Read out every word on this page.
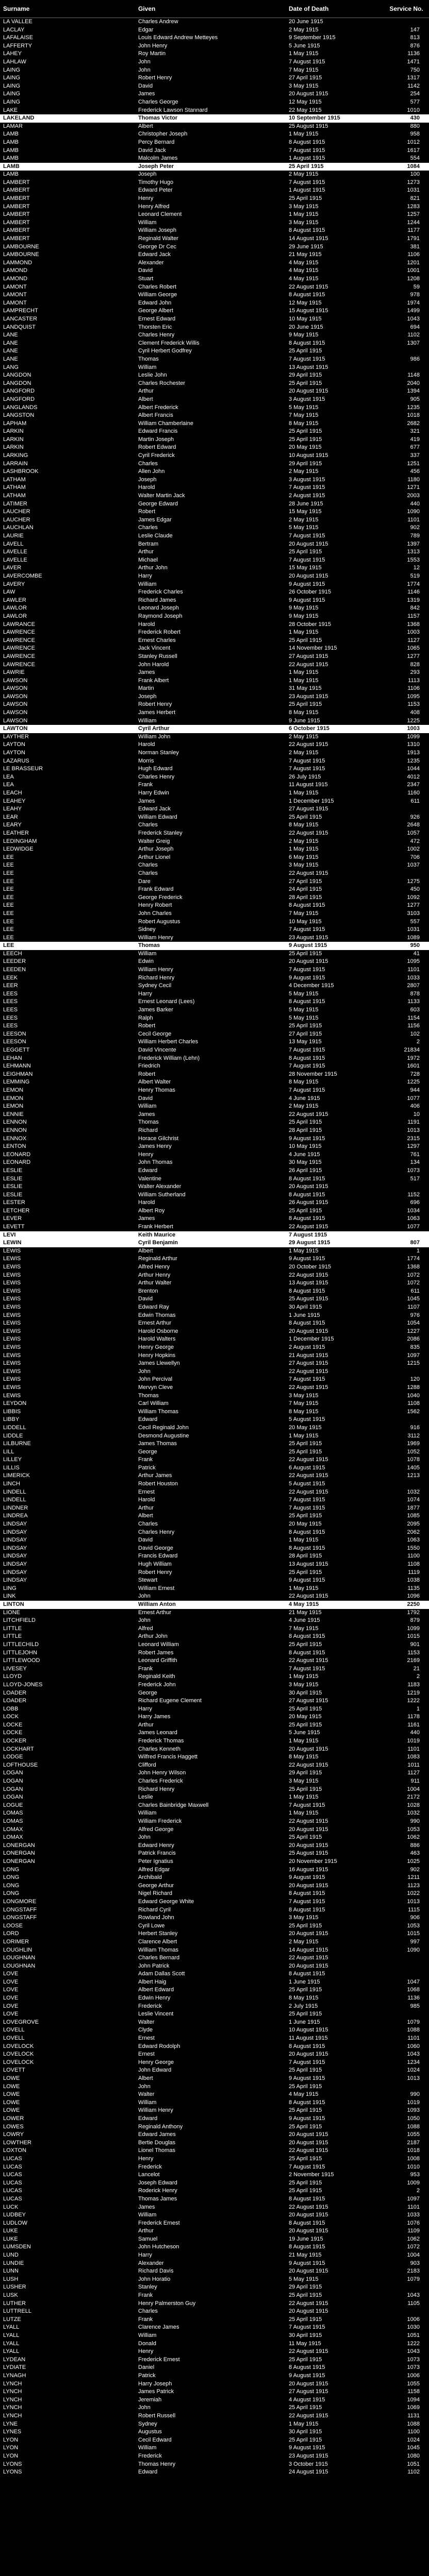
Surname	Given	Date of Death	Service No.
LA VALLEE	Charles Andrew	20 June 1915	
LACLAY	Edgar	2 May 1915	147
LAFALAISE	Louis Edward Andrew Metteyes	9 September 1915	813
LAFFERTY	John Henry	5 June 1915	876
LAHEY	Roy Martin	1 May 1915	1136
LAHLAW	John	7 August 1915	1471
LAING	John	7 May 1915	750
LAING	Robert Henry	27 April 1915	1317
LAING	David	3 May 1915	1142
LAING	James	20 August 1915	254
LAING	Charles George	12 May 1915	577
LAKE	Frederick Lawson Stannard	22 May 1915	1010
LAKELAND	Thomas Victor	10 September 1915	430
LAMAR	Albert	25 August 1915	880
LAMB	Christopher Joseph	1 May 1915	958
LAMB	Percy Bernard	8 August 1915	1012
LAMB	David Jack	7 August 1915	1617
LAMB	Malcolm James	1 August 1915	554
LAMB	Joseph Peter	25 April 1915	1084
LAMB	Joseph	2 May 1915	100
LAMBERT	Timothy Hugo	7 August 1915	1273
LAMBERT	Edward Peter	1 August 1915	1031
LAMBERT	Henry	25 April 1915	821
LAMBERT	Henry Alfred	3 May 1915	1283
LAMBERT	Leonard Clement	1 May 1915	1257
LAMBERT	William	3 May 1915	1244
LAMBERT	William Joseph	8 August 1915	1177
LAMBERT	Reginald Walter	14 August 1915	1791
LAMBOURNE	George Dr Cec	29 June 1915	381
LAMBOURNE	Edward Jack	21 May 1915	1106
LAMMOND	Alexander	4 May 1915	1201
LAMOND	David	4 May 1915	1001
LAMOND	Stuart	4 May 1915	1208
LAMONT	Charles Robert	22 August 1915	59
LAMONT	William George	8 August 1915	978
LAMONT	Edward John	12 May 1915	1974
LAMPRECHT	George Albert	15 August 1915	1499
LANCASTER	Ernest Edward	10 May 1915	1043
LANDQUIST	Thorsten Eric	20 June 1915	694
LANE	Charles Henry	9 May 1915	1102
LANE	Clement Frederick Willis	8 August 1915	1307
LANE	Cyril Herbert Godfrey	25 April 1915	
LANE	Thomas	7 August 1915	986
LANG	William	13 August 1915	
LANGDON	Leslie John	29 April 1915	1148
LANGDON	Charles Rochester	25 April 1915	2040
LANGFORD	Arthur	20 August 1915	1394
LANGFORD	Albert	3 August 1915	905
LANGLANDS	Albert Frederick	5 May 1915	1235
LANGSTON	Albert Francis	7 May 1915	1018
LAPHAM	William Chamberlaine	8 May 1915	2682
LARKIN	Edward Francis	25 April 1915	321
LARKIN	Martin Joseph	25 April 1915	419
LARKIN	Robert Edward	20 May 1915	677
LARKING	Cyril Frederick	10 August 1915	337
LARRAIN	Charles	29 April 1915	1251
LASHBROOK	Allen John	2 May 1915	456
LATHAM	Joseph	3 August 1915	1180
LATHAM	Harold	7 August 1915	1271
LATHAM	Walter Martin Jack	2 August 1915	2003
LATIMER	George Edward	28 June 1915	440
LAUCHER	Robert	15 May 1915	1090
LAUCHER	James Edgar	2 May 1915	1101
LAUCHLAN	Charles	5 May 1915	902
LAURIE	Leslie Claude	7 August 1915	789
LAVELL	Bertram	20 August 1915	1397
LAVELLE	Arthur	25 April 1915	1313
LAVELLE	Michael	7 August 1915	1553
LAVER	Arthur John	15 May 1915	12
LAVERCOMBE	Harry	20 August 1915	519
LAVERY	William	9 August 1915	1774
LAW	Frederick Charles	26 October 1915	1146
LAWLER	Richard James	9 August 1915	1319
LAWLOR	Leonard Joseph	9 May 1915	842
LAWLOR	Raymond Joseph	9 May 1915	1157
LAWRANCE	Harold	28 October 1915	1368
LAWRENCE	Frederick Robert	1 May 1915	1003
LAWRENCE	Ernest Charles	25 April 1915	1127
LAWRENCE	Jack Vincent	14 November 1915	1065
LAWRENCE	Stanley Russell	27 August 1915	1277
LAWRENCE	John Harold	22 August 1915	828
LAWRIE	James	1 May 1915	293
LAWSON	Frank Albert	1 May 1915	1113
LAWSON	Martin	31 May 1915	1106
LAWSON	Joseph	23 August 1915	1095
LAWSON	Robert Henry	25 April 1915	1153
LAWSON	James Herbert	8 May 1915	408
LAWSON	William	9 June 1915	1225
LAWTON	Cyril Arthur	6 October 1915	1003
LAYTHER	William John	2 May 1915	1099
LAYTON	Harold	22 August 1915	1310
LAYTON	Norman Stanley	2 May 1915	1913
LAZARUS	Morris	7 August 1915	1235
LE BRASSEUR	Hugh Edward	7 August 1915	1044
LEA	Charles Henry	26 July 1915	4012
LEA	Frank	11 August 1915	2347
LEACH	Harry Edwin	1 May 1915	1160
LEAHEY	James	1 December 1915	611
LEAHY	Edward Jack	27 August 1915	
LEAR	William Edward	25 April 1915	926
LEARY	Charles	8 May 1915	2648
LEATHER	Frederick Stanley	22 August 1915	1057
LEDINGHAM	Walter Greig	2 May 1915	472
LEDWIDGE	Arthur Joseph	1 May 1915	1002
LEE	Arthur Lionel	6 May 1915	706
LEE	Charles	3 May 1915	1037
LEE	Charles	22 August 1915	
LEE	Dare	27 April 1915	1275
LEE	Frank Edward	24 April 1915	450
LEE	George Frederick	28 April 1915	1092
LEE	Henry Robert	8 August 1915	1277
LEE	John Charles	7 May 1915	3103
LEE	Robert Augustus	10 May 1915	557
LEE	Sidney	7 August 1915	1031
LEE	William Henry	23 August 1915	1089
LEE	Thomas	9 August 1915	950
LEECH	William	25 April 1915	41
LEEDER	Edwin	20 August 1915	1095
LEEDEN	William Henry	7 August 1915	1101
LEEK	Richard Henry	9 August 1915	1033
LEER	Sydney Cecil	4 December 1915	2807
LEES	Harry	5 May 1915	878
LEES	Ernest Leonard (Lees)	8 August 1915	1133
LEES	James Barker	5 May 1915	603
LEES	Ralph	5 May 1915	1154
LEES	Robert	25 April 1915	1156
LEESON	Cecil George	27 April 1915	102
LEESON	William Herbert Charles	13 May 1915	2
LEGGETT	David Vincente	7 August 1915	21834
LEHAN	Frederick William (Lehn)	8 August 1915	1972
LEHMANN	Friedrich	7 August 1915	1601
LEIGHMAN	Robert	28 November 1915	728
LEMMING	Albert Walter	8 May 1915	1225
LEMON	Henry Thomas	7 August 1915	944
LEMON	David	4 June 1915	1077
LEMON	William	2 May 1915	406
LENNIE	James	22 August 1915	10
LENNON	Thomas	25 April 1915	1191
LENNON	Richard	28 April 1915	1013
LENNOX	Horace Gilchrist	9 August 1915	2315
LENTON	James Henry	10 May 1915	1297
LEONARD	Henry	4 June 1915	761
LEONARD	John Thomas	30 May 1915	134
LESLIE	Edward	26 April 1915	1073
LESLIE	Valentine	8 August 1915	517
LESLIE	Walter Alexander	20 August 1915	
LESLIE	William Sutherland	8 August 1915	1152
LESTER	Harold	26 August 1915	696
LETCHER	Albert Roy	25 April 1915	1034
LEVER	James	8 August 1915	1063
LEVETT	Frank Herbert	22 August 1915	1077
LEVI	Keith Maurice	7 August 1915	
LEWIN	Cyril Benjamin	29 August 1915	807
LEWIS	Albert	1 May 1915	1
LEWIS	Reginald Arthur	9 August 1915	1774
LEWIS	Alfred Henry	20 October 1915	1368
LEWIS	Arthur Henry	22 August 1915	1072
LEWIS	Arthur Walter	13 August 1915	1072
LEWIS	Brenton	8 August 1915	611
LEWIS	David	25 August 1915	1045
LEWIS	Edward Ray	30 April 1915	1107
LEWIS	Edwin Thomas	1 June 1915	976
LEWIS	Ernest Arthur	8 August 1915	1054
LEWIS	Harold Osborne	20 August 1915	1227
LEWIS	Harold Walters	1 December 1915	2086
LEWIS	Henry George	2 August 1915	835
LEWIS	Henry Hopkins	21 August 1915	1097
LEWIS	James Llewellyn	27 August 1915	1215
LEWIS	John	22 August 1915	
LEWIS	John Percival	7 August 1915	120
LEWIS	Mervyn Cleve	22 August 1915	1288
LEWIS	Thomas	3 May 1915	1040
LEYDON	Carl William	7 May 1915	1108
LIBBIS	William Thomas	8 May 1915	1562
LIBBY	Edward	5 August 1915	
LIDDELL	Cecil Reginald John	20 May 1915	916
LIDDLE	Desmond Augustine	1 May 1915	3112
LILBURNE	James Thomas	25 April 1915	1969
LILL	George	25 April 1915	1052
LILLEY	Frank	22 August 1915	1078
LILLIS	Patrick	6 August 1915	1405
LIMERICK	Arthur James	22 August 1915	1213
LINCH	Robert Houston	5 August 1915	
LINDELL	Ernest	22 August 1915	1032
LINDELL	Harold	7 August 1915	1074
LINDNER	Arthur	7 August 1915	1877
LINDREA	Albert	25 April 1915	1085
LINDSAY	Charles	20 May 1915	2095
LINDSAY	Charles Henry	8 August 1915	2062
LINDSAY	David	1 May 1915	1063
LINDSAY	David George	8 August 1915	1550
LINDSAY	Francis Edward	28 April 1915	1100
LINDSAY	Hugh William	13 August 1915	1108
LINDSAY	Robert Henry	25 April 1915	1119
LINDSAY	Stewart	9 August 1915	1038
LING	William Ernest	1 May 1915	1135
LINK	John	22 August 1915	1096
LINTON	William Anton	4 May 1915	2250
LIONE	Ernest Arthur	21 May 1915	1792
LITCHFIELD	John	4 June 1915	879
LITTLE	Alfred	7 May 1915	1099
LITTLE	Arthur John	8 August 1915	1015
LITTLECHILD	Leonard William	25 April 1915	901
LITTLEJOHN	Robert James	8 August 1915	1153
LITTLEWOOD	Leonard Griffith	22 August 1915	2169
LIVESEY	Frank	7 August 1915	21
LLOYD	Reginald Keith	1 May 1915	2
LLOYD-JONES	Frederick John	3 May 1915	1183
LOADER	George	30 April 1915	1219
LOADER	Richard Eugene Clement	27 August 1915	1222
LOBB	Harry	25 April 1915	1
LOCK	Harry James	20 May 1915	1178
LOCKE	Arthur	25 April 1915	1161
LOCKE	James Leonard	5 June 1915	440
LOCKER	Frederick Thomas	1 May 1915	1019
LOCKHART	Charles Kenneth	20 August 1915	1101
LODGE	Wilfred Francis Haggett	8 May 1915	1083
LOFTHOUSE	Clifford	22 August 1915	1011
LOGAN	John Henry Wilson	29 April 1915	1127
LOGAN	Charles Frederick	3 May 1915	911
LOGAN	Richard Henry	25 April 1915	1004
LOGAN	Leslie	1 May 1915	2172
LOGUE	Charles Bainbridge Maxwell	7 August 1915	1028
LOMAS	William	1 May 1915	1032
LOMAS	William Frederick	22 August 1915	990
LOMAX	Alfred George	20 August 1915	1053
LOMAX	John	25 April 1915	1062
LONERGAN	Edward Henry	20 August 1915	886
LONERGAN	Patrick Francis	25 August 1915	463
LONERGAN	Peter Ignatius	20 November 1915	1025
LONG	Alfred Edgar	16 August 1915	902
LONG	Archibald	9 August 1915	1211
LONG	George Arthur	20 August 1915	1123
LONG	Nigel Richard	8 August 1915	1022
LONGMORE	Edward George White	7 August 1915	1013
LONGSTAFF	Richard Cyril	8 August 1915	1115
LONGSTAFF	Rowland John	3 May 1915	906
LOOSE	Cyril Lowe	25 April 1915	1053
LORD	Herbert Stanley	20 August 1915	1015
LORIMER	Clarence Albert	2 May 1915	997
LOUGHLIN	William Thomas	14 August 1915	1090
LOUGHNAN	Charles Bernard	22 August 1915	
LOUGHNAN	John Patrick	20 August 1915	
LOVE	Adam Dallas Scott	8 August 1915	
LOVE	Albert Haig	1 June 1915	1047
LOVE	Albert Edward	25 April 1915	1068
LOVE	Edwin Henry	8 May 1915	1136
LOVE	Frederick	2 July 1915	985
LOVE	Leslie Vincent	25 April 1915	
LOVEGROVE	Walter	1 June 1915	1079
LOVELL	Clyde	10 August 1915	1088
LOVELL	Ernest	11 August 1915	1101
LOVELOCK	Edward Rodolph	8 August 1915	1060
LOVELOCK	Ernest	20 August 1915	1043
LOVELOCK	Henry George	7 August 1915	1234
LOVETT	John Edward	25 April 1915	1024
LOWE	Albert	9 August 1915	1013
LOWE	John	25 April 1915	
LOWE	Walter	4 May 1915	990
LOWE	William	8 August 1915	1019
LOWE	William Henry	25 April 1915	1093
LOWER	Edward	9 August 1915	1050
LOWES	Reginald Anthony	25 April 1915	1088
LOWRY	Edward James	20 August 1915	1055
LOWTHER	Bertie Douglas	20 August 1915	2187
LOXTON	Lionel Thomas	22 August 1915	1018
LUCAS	Henry	25 April 1915	1008
LUCAS	Frederick	7 August 1915	1010
LUCAS	Lancelot	2 November 1915	953
LUCAS	Joseph Edward	25 April 1915	1009
LUCAS	Roderick Henry	25 April 1915	2
LUCAS	Thomas James	8 August 1915	1097
LUCK	James	22 August 1915	1101
LUDBEY	William	20 August 1915	1033
LUDLOW	Frederick Ernest	8 August 1915	1076
LUKE	Arthur	20 August 1915	1109
LUKE	Samuel	19 June 1915	1062
LUMSDEN	John Hutcheson	8 August 1915	1072
LUND	Harry	21 May 1915	1004
LUNDIE	Alexander	9 August 1915	903
LUNN	Richard Davis	20 August 1915	2183
LUSH	John Horatio	5 May 1915	1079
LUSHER	Stanley	29 April 1915	
LUSK	Frank	25 April 1915	1043
LUTHER	Henry Palmerston Guy	22 August 1915	1105
LUTTRELL	Charles	20 August 1915	
LUTZE	Frank	25 April 1915	1006
LYALL	Clarence James	7 August 1915	1030
LYALL	William	30 April 1915	1051
LYALL	Donald	11 May 1915	1222
LYALL	Henry	22 August 1915	1043
LYDEAN	Frederick Ernest	25 April 1915	1073
LYDIATE	Daniel	8 August 1915	1073
LYNAGH	Patrick	9 August 1915	1006
LYNCH	Harry Joseph	20 August 1915	1055
LYNCH	James Patrick	27 August 1915	1158
LYNCH	Jeremiah	4 August 1915	1094
LYNCH	John	25 April 1915	1069
LYNCH	Robert Russell	22 August 1915	1131
LYNE	Sydney	1 May 1915	1088
LYNES	Augustus	30 April 1915	1100
LYON	Cecil Edward	25 April 1915	1024
LYON	William	9 August 1915	1045
LYON	Frederick	23 August 1915	1080
LYONS	Thomas Henry	3 October 1915	1051
LYONS	Edward	24 August 1915	1102
